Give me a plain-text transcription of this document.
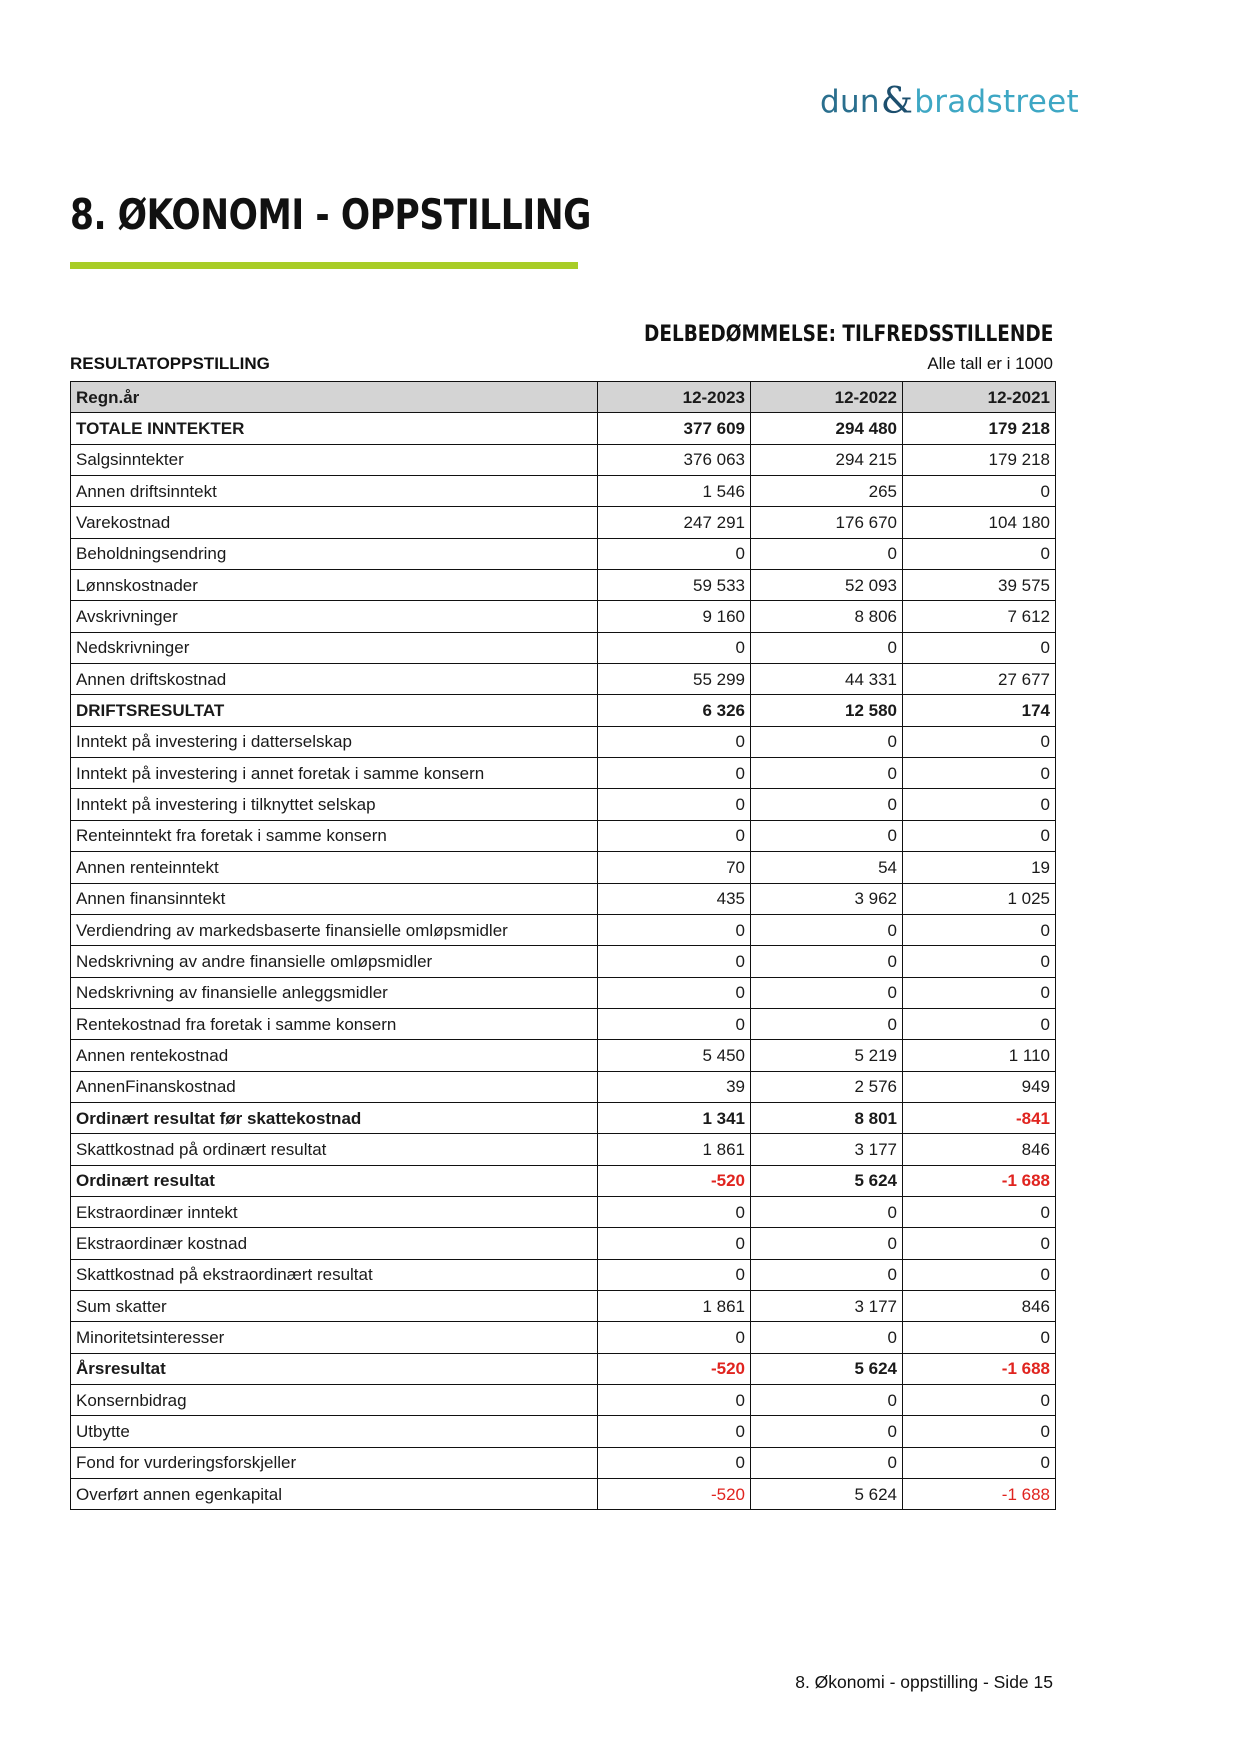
dun & bradstreet
8. ØKONOMI - OPPSTILLING
DELBEDØMMELSE: TILFREDSSTILLENDE
RESULTATOPPSTILLING	Alle tall er i 1000
Regn.år	12-2023	12-2022	12-2021
TOTALE INNTEKTER	377 609	294 480	179 218
Salgsinntekter	376 063	294 215	179 218
Annen driftsinntekt	1 546	265	0
Varekostnad	247 291	176 670	104 180
Beholdningsendring	0	0	0
Lønnskostnader	59 533	52 093	39 575
Avskrivninger	9 160	8 806	7 612
Nedskrivninger	0	0	0
Annen driftskostnad	55 299	44 331	27 677
DRIFTSRESULTAT	6 326	12 580	174
Inntekt på investering i datterselskap	0	0	0
Inntekt på investering i annet foretak i samme konsern	0	0	0
Inntekt på investering i tilknyttet selskap	0	0	0
Renteinntekt fra foretak i samme konsern	0	0	0
Annen renteinntekt	70	54	19
Annen finansinntekt	435	3 962	1 025
Verdiendring av markedsbaserte finansielle omløpsmidler	0	0	0
Nedskrivning av andre finansielle omløpsmidler	0	0	0
Nedskrivning av finansielle anleggsmidler	0	0	0
Rentekostnad fra foretak i samme konsern	0	0	0
Annen rentekostnad	5 450	5 219	1 110
AnnenFinanskostnad	39	2 576	949
Ordinært resultat før skattekostnad	1 341	8 801	-841
Skattkostnad på ordinært resultat	1 861	3 177	846
Ordinært resultat	-520	5 624	-1 688
Ekstraordinær inntekt	0	0	0
Ekstraordinær kostnad	0	0	0
Skattkostnad på ekstraordinært resultat	0	0	0
Sum skatter	1 861	3 177	846
Minoritetsinteresser	0	0	0
Årsresultat	-520	5 624	-1 688
Konsernbidrag	0	0	0
Utbytte	0	0	0
Fond for vurderingsforskjeller	0	0	0
Overført annen egenkapital	-520	5 624	-1 688
8. Økonomi - oppstilling - Side 15
